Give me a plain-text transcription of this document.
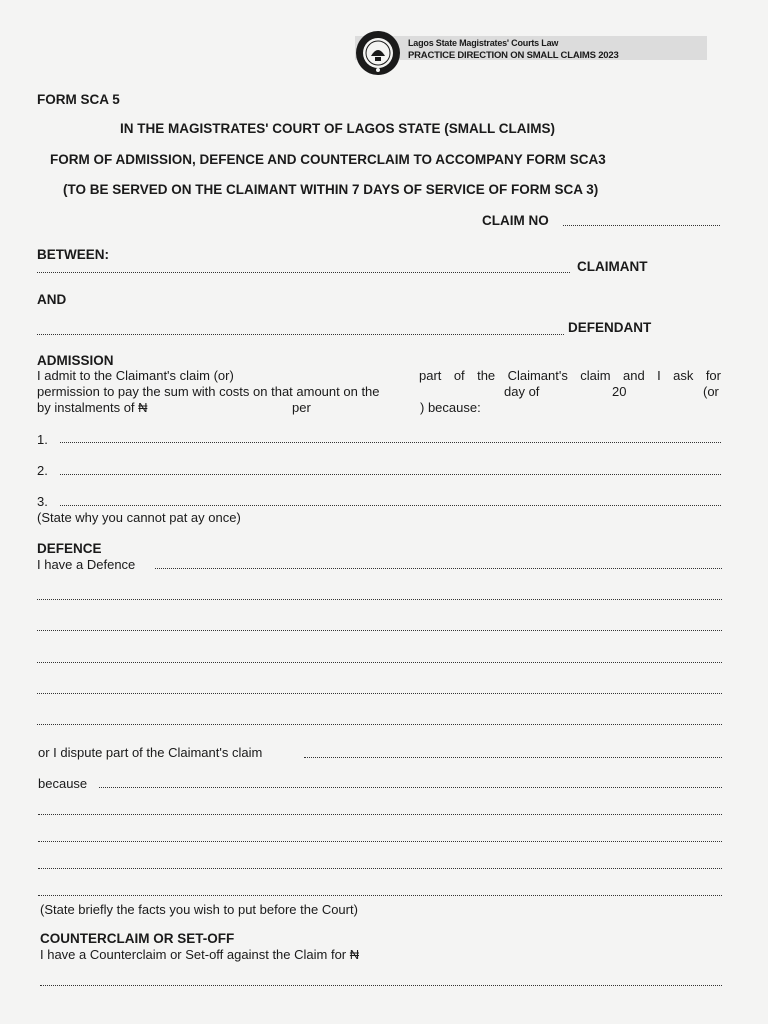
Lagos State Magistrates' Courts Law
PRACTICE DIRECTION ON SMALL CLAIMS 2023
FORM SCA 5
IN THE MAGISTRATES' COURT OF LAGOS STATE (SMALL CLAIMS)
FORM OF ADMISSION, DEFENCE AND COUNTERCLAIM TO ACCOMPANY FORM SCA3
(TO BE SERVED ON THE CLAIMANT WITHIN 7 DAYS OF SERVICE OF FORM SCA 3)
CLAIM NO
BETWEEN:
CLAIMANT
AND
DEFENDANT
ADMISSION
I admit to the Claimant's claim (or)	part of the Claimant's claim and I ask for
permission to pay the sum with costs on that amount on the	day of	20	(or
by instalments of ₦	per	) because:
1.
2.
3.
(State why you cannot pat ay once)
DEFENCE
I have a Defence
or I dispute part of the Claimant's claim
because
(State briefly the facts you wish to put before the Court)
COUNTERCLAIM OR SET-OFF
I have a Counterclaim or Set-off against the Claim for ₦
